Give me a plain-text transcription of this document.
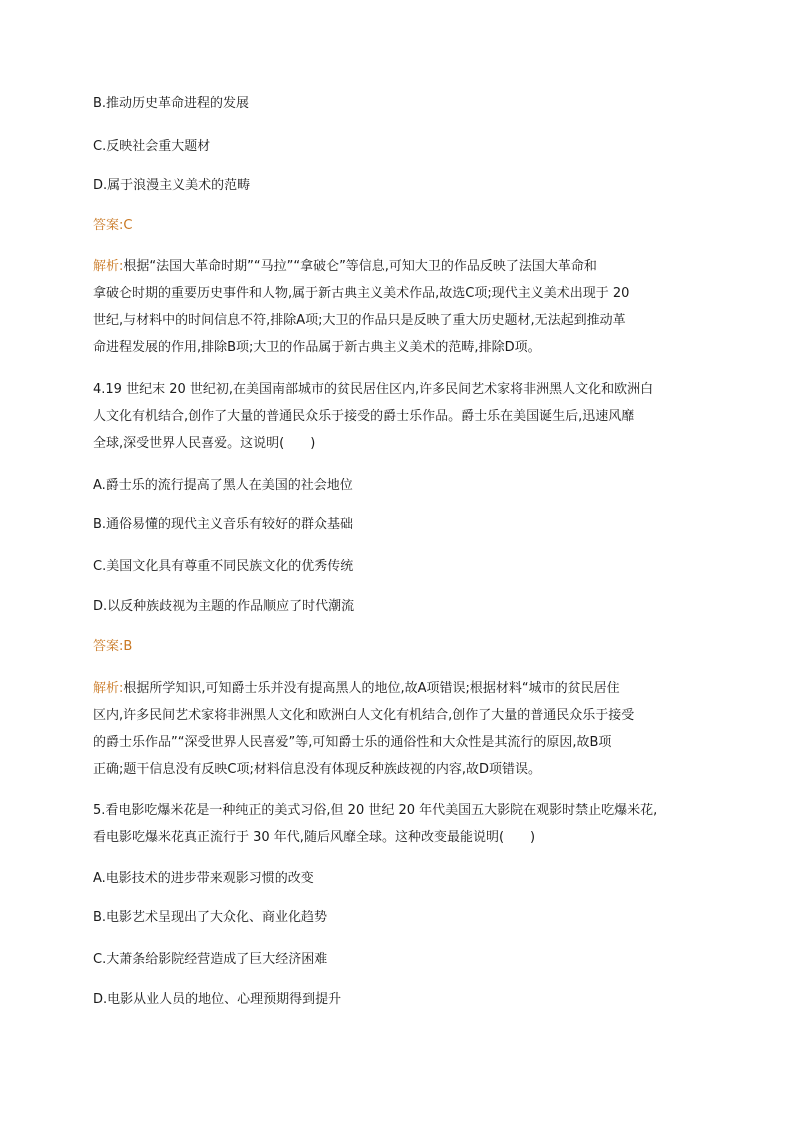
B.推动历史革命进程的发展
C.反映社会重大题材
D.属于浪漫主义美术的范畴
答案:C
解析:根据“法国大革命时期”“马拉”“拿破仑”等信息,可知大卫的作品反映了法国大革命和
拿破仑时期的重要历史事件和人物,属于新古典主义美术作品,故选C项;现代主义美术出现于 20
世纪,与材料中的时间信息不符,排除A项;大卫的作品只是反映了重大历史题材,无法起到推动革
命进程发展的作用,排除B项;大卫的作品属于新古典主义美术的范畴,排除D项。
4.19 世纪末 20 世纪初,在美国南部城市的贫民居住区内,许多民间艺术家将非洲黑人文化和欧洲白
人文化有机结合,创作了大量的普通民众乐于接受的爵士乐作品。爵士乐在美国诞生后,迅速风靡
全球,深受世界人民喜爱。这说明(　　)
A.爵士乐的流行提高了黑人在美国的社会地位
B.通俗易懂的现代主义音乐有较好的群众基础
C.美国文化具有尊重不同民族文化的优秀传统
D.以反种族歧视为主题的作品顺应了时代潮流
答案:B
解析:根据所学知识,可知爵士乐并没有提高黑人的地位,故A项错误;根据材料“城市的贫民居住
区内,许多民间艺术家将非洲黑人文化和欧洲白人文化有机结合,创作了大量的普通民众乐于接受
的爵士乐作品”“深受世界人民喜爱”等,可知爵士乐的通俗性和大众性是其流行的原因,故B项
正确;题干信息没有反映C项;材料信息没有体现反种族歧视的内容,故D项错误。
5.看电影吃爆米花是一种纯正的美式习俗,但 20 世纪 20 年代美国五大影院在观影时禁止吃爆米花,
看电影吃爆米花真正流行于 30 年代,随后风靡全球。这种改变最能说明(　　)
A.电影技术的进步带来观影习惯的改变
B.电影艺术呈现出了大众化、商业化趋势
C.大萧条给影院经营造成了巨大经济困难
D.电影从业人员的地位、心理预期得到提升
